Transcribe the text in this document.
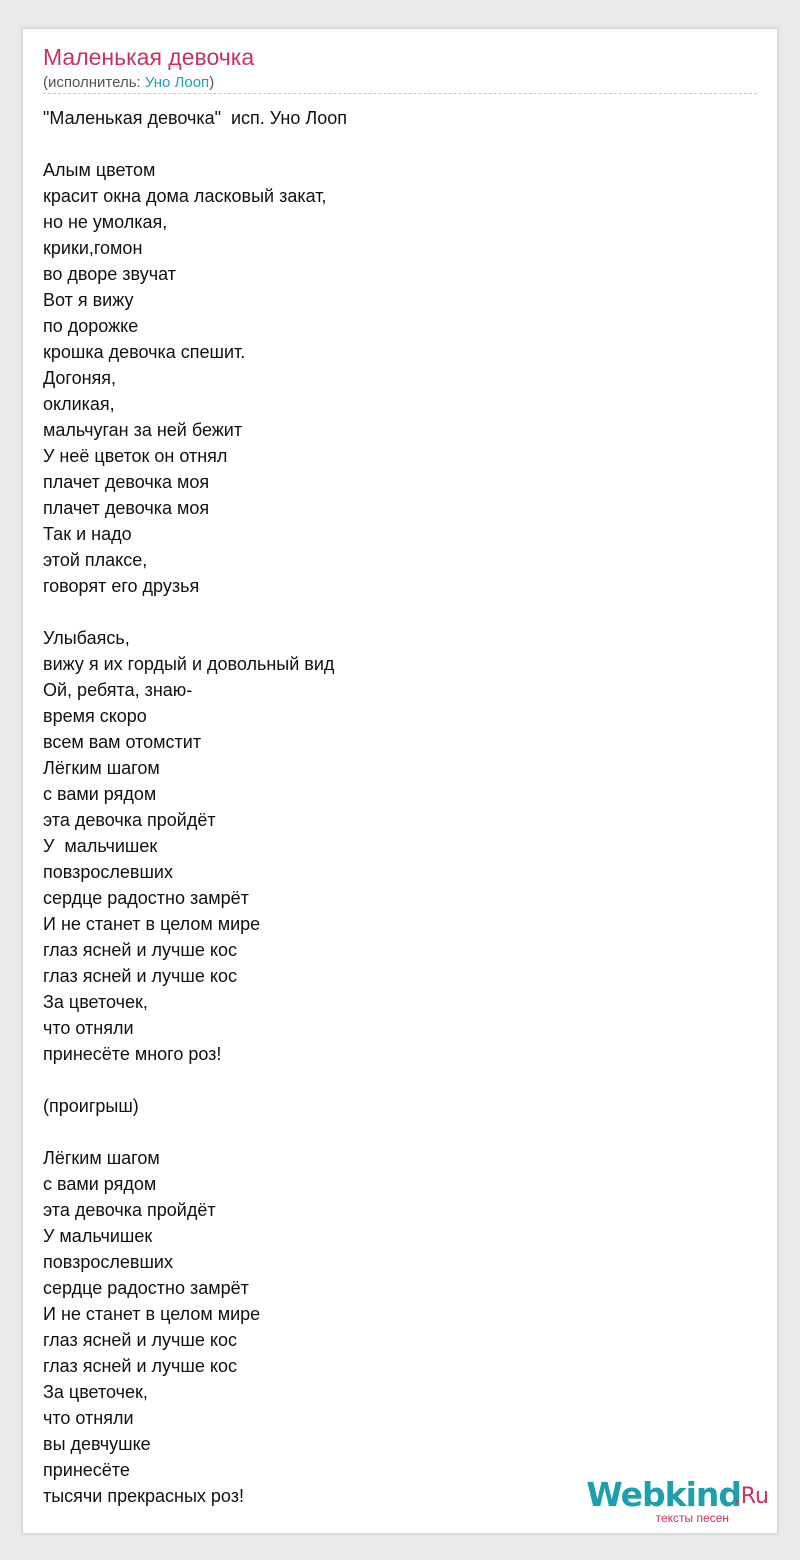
Маленькая девочка
(исполнитель: Уно Лооп)
"Маленькая девочка"  исп. Уно Лооп
Алым цветом
красит окна дома ласковый закат,
но не умолкая,
крики,гомон
во дворе звучат
Вот я вижу
по дорожке
крошка девочка спешит.
Догоняя,
окликая,
мальчуган за ней бежит
У неё цветок он отнял
плачет девочка моя
плачет девочка моя
Так и надо
этой плаксе,
говорят его друзья
Улыбаясь,
вижу я их гордый и довольный вид
Ой, ребята, знаю-
время скоро
всем вам отомстит
Лёгким шагом
с вами рядом
эта девочка пройдёт
У  мальчишек
повзрослевших
сердце радостно замрёт
И не станет в целом мире
глаз ясней и лучше кос
глаз ясней и лучше кос
За цветочек,
что отняли
принесёте много роз!
(проигрыш)
Лёгким шагом
с вами рядом
эта девочка пройдёт
У мальчишек
повзрослевших
сердце радостно замрёт
И не станет в целом мире
глаз ясней и лучше кос
глаз ясней и лучше кос
За цветочек,
что отняли
вы девчушке
принесёте
тысячи прекрасных роз!	Webkind
.Ru
тексты песен
